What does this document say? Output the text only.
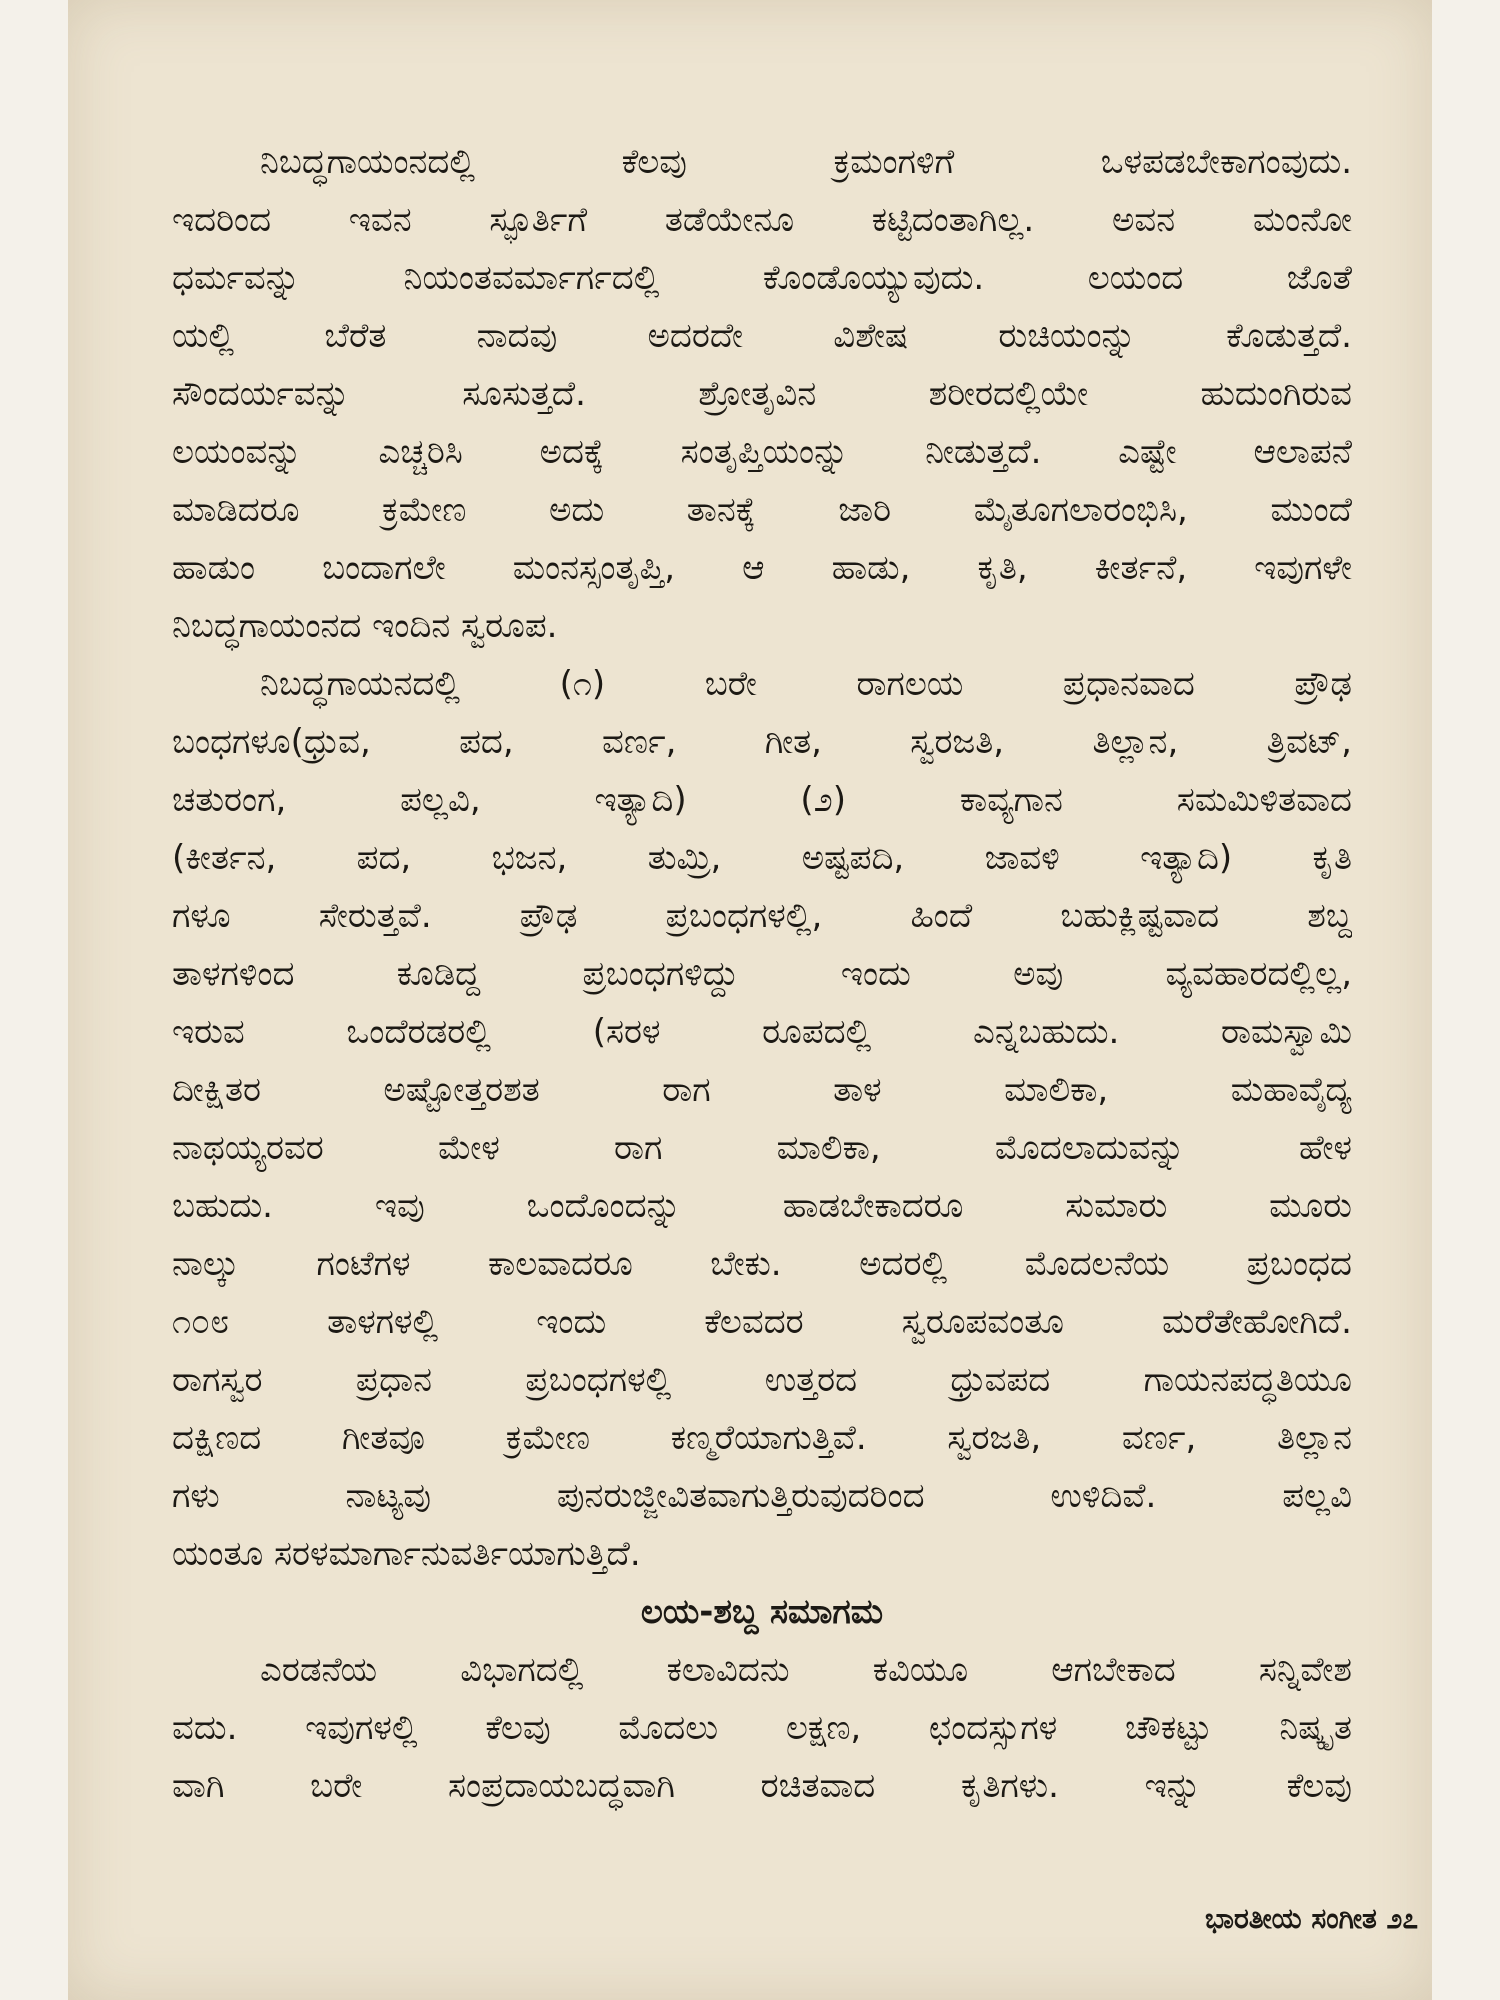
ನಿಬದ್ಧಗಾಯಂನದಲ್ಲಿ ಕೆಲವು ಕ್ರಮಂಗಳಿಗೆ ಒಳಪಡಬೇಕಾಗಂವುದು.
ಇದರಿಂದ ಇವನ ಸ್ಫೂರ್ತಿಗೆ ತಡೆಯೇನೂ ಕಟ್ಟಿದಂತಾಗಿಲ್ಲ. ಅವನ ಮಂನೋ
ಧರ್ಮವನ್ನು ನಿಯಂತವರ್ಮಾರ್ಗದಲ್ಲಿ ಕೊಂಡೊಯ್ಯುವುದು. ಲಯಂದ ಜೊತೆ
ಯಲ್ಲಿ ಬೆರೆತ ನಾದವು ಅದರದೇ ವಿಶೇಷ ರುಚಿಯಂನ್ನು ಕೊಡುತ್ತದೆ.
ಸೌಂದರ್ಯವನ್ನು ಸೂಸುತ್ತದೆ. ಶ್ರೋತೃವಿನ ಶರೀರದಲ್ಲಿಯೇ ಹುದುಂಗಿರುವ
ಲಯಂವನ್ನು ಎಚ್ಚರಿಸಿ ಅದಕ್ಕೆ ಸಂತೃಪ್ತಿಯಂನ್ನು ನೀಡುತ್ತದೆ. ಎಷ್ಟೇ ಆಲಾಪನೆ
ಮಾಡಿದರೂ ಕ್ರಮೇಣ ಅದು ತಾನಕ್ಕೆ ಜಾರಿ ಮೈತೂಗಲಾರಂಭಿಸಿ, ಮುಂದೆ
ಹಾಡುಂ ಬಂದಾಗಲೇ ಮಂನಸ್ಸಂತೃಪ್ತಿ, ಆ ಹಾಡು, ಕೃತಿ, ಕೀರ್ತನೆ, ಇವುಗಳೇ
ನಿಬದ್ಧಗಾಯಂನದ ಇಂದಿನ ಸ್ವರೂಪ.
ನಿಬದ್ಧಗಾಯನದಲ್ಲಿ (೧) ಬರೇ ರಾಗಲಯ ಪ್ರಧಾನವಾದ ಪ್ರೌಢ
ಬಂಧಗಳೂ(ಧ್ರುವ, ಪದ, ವರ್ಣ, ಗೀತ, ಸ್ವರಜತಿ, ತಿಲ್ಲಾನ, ತ್ರಿವಟ್,
ಚತುರಂಗ, ಪಲ್ಲವಿ, ಇತ್ಯಾದಿ) (೨) ಕಾವ್ಯಗಾನ ಸಮಮಿಳಿತವಾದ
(ಕೀರ್ತನ, ಪದ, ಭಜನ, ತುಮ್ರಿ, ಅಷ್ಟಪದಿ, ಜಾವಳಿ ಇತ್ಯಾದಿ) ಕೃತಿ
ಗಳೂ ಸೇರುತ್ತವೆ. ಪ್ರೌಢ ಪ್ರಬಂಧಗಳಲ್ಲಿ, ಹಿಂದೆ ಬಹುಕ್ಲಿಷ್ಟವಾದ ಶಬ್ದ
ತಾಳಗಳಿಂದ ಕೂಡಿದ್ದ ಪ್ರಬಂಧಗಳಿದ್ದು ಇಂದು ಅವು ವ್ಯವಹಾರದಲ್ಲಿಲ್ಲ,
ಇರುವ ಒಂದೆರಡರಲ್ಲಿ (ಸರಳ ರೂಪದಲ್ಲಿ ಎನ್ನಬಹುದು. ರಾಮಸ್ವಾಮಿ
ದೀಕ್ಷಿತರ ಅಷ್ಟೋತ್ತರಶತ ರಾಗ ತಾಳ ಮಾಲಿಕಾ, ಮಹಾವೈದ್ಯ
ನಾಥಯ್ಯರವರ ಮೇಳ ರಾಗ ಮಾಲಿಕಾ, ಮೊದಲಾದುವನ್ನು ಹೇಳ
ಬಹುದು. ಇವು ಒಂದೊಂದನ್ನು ಹಾಡಬೇಕಾದರೂ ಸುಮಾರು ಮೂರು
ನಾಲ್ಕು ಗಂಟೆಗಳ ಕಾಲವಾದರೂ ಬೇಕು. ಅದರಲ್ಲಿ ಮೊದಲನೆಯ ಪ್ರಬಂಧದ
೧೦೮ ತಾಳಗಳಲ್ಲಿ ಇಂದು ಕೆಲವದರ ಸ್ವರೂಪವಂತೂ ಮರೆತೇಹೋಗಿದೆ.
ರಾಗಸ್ವರ ಪ್ರಧಾನ ಪ್ರಬಂಧಗಳಲ್ಲಿ ಉತ್ತರದ ಧ್ರುವಪದ ಗಾಯನಪದ್ಧತಿಯೂ
ದಕ್ಷಿಣದ ಗೀತವೂ ಕ್ರಮೇಣ ಕಣ್ಮರೆಯಾಗುತ್ತಿವೆ. ಸ್ವರಜತಿ, ವರ್ಣ, ತಿಲ್ಲಾನ
ಗಳು ನಾಟ್ಯವು ಪುನರುಜ್ಜೀವಿತವಾಗುತ್ತಿರುವುದರಿಂದ ಉಳಿದಿವೆ. ಪಲ್ಲವಿ
ಯಂತೂ ಸರಳಮಾರ್ಗಾನುವರ್ತಿಯಾಗುತ್ತಿದೆ.
ಲಯ-ಶಬ್ದ ಸಮಾಗಮ
ಎರಡನೆಯ ವಿಭಾಗದಲ್ಲಿ ಕಲಾವಿದನು ಕವಿಯೂ ಆಗಬೇಕಾದ ಸನ್ನಿವೇಶ
ವದು. ಇವುಗಳಲ್ಲಿ ಕೆಲವು ಮೊದಲು ಲಕ್ಷಣ, ಛಂದಸ್ಸುಗಳ ಚೌಕಟ್ಟು ನಿಷ್ಕೃತ
ವಾಗಿ ಬರೇ ಸಂಪ್ರದಾಯಬದ್ಧವಾಗಿ ರಚಿತವಾದ ಕೃತಿಗಳು. ಇನ್ನು ಕೆಲವು
ಭಾರತೀಯ ಸಂಗೀತ ೨೭
